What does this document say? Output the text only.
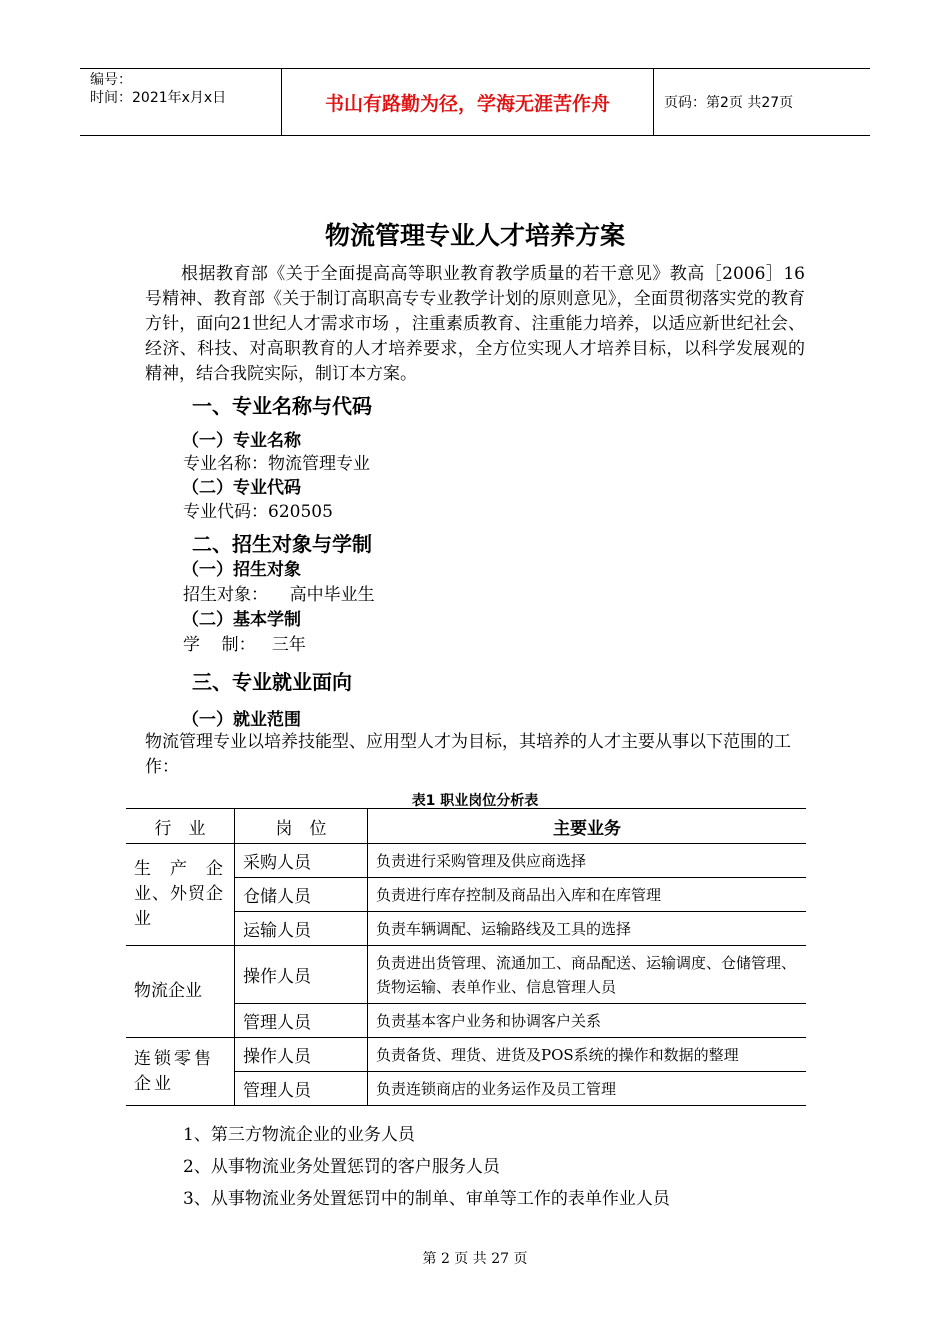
编号：
时间：2021年x月x日	书山有路勤为径，学海无涯苦作舟	页码：第2页 共27页
物流管理专业人才培养方案

根据教育部《关于全面提高高等职业教育教学质量的若干意见》教高［2006］16号精神、教育部《关于制订高职高专专业教学计划的原则意见》，全面贯彻落实党的教育方针，面向21世纪人才需求市场 ，注重素质教育、注重能力培养，以适应新世纪社会、经济、科技、对高职教育的人才培养要求，全方位实现人才培养目标，以科学发展观的精神，结合我院实际，制订本方案。

一、专业名称与代码
（一）专业名称
专业名称：物流管理专业
（二）专业代码
专业代码：620505
二、招生对象与学制
（一）招生对象
招生对象：    高中毕业生
（二）基本学制
学    制：   三年
三、专业就业面向
（一）就业范围
物流管理专业以培养技能型、应用型人才为目标，其培养的人才主要从事以下范围的工作：
表1 职业岗位分析表
行　业	岗　位	主要业务
生　产　企业、外贸企业	采购人员	负责进行采购管理及供应商选择
	仓储人员	负责进行库存控制及商品出入库和在库管理
	运输人员	负责车辆调配、运输路线及工具的选择
物流企业	操作人员	负责进出货管理、流通加工、商品配送、运输调度、仓储管理、货物运输、表单作业、信息管理人员
	管理人员	负责基本客户业务和协调客户关系
连锁零售企业	操作人员	负责备货、理货、进货及POS系统的操作和数据的整理
	管理人员	负责连锁商店的业务运作及员工管理
1、第三方物流企业的业务人员
2、从事物流业务处置惩罚的客户服务人员
3、从事物流业务处置惩罚中的制单、审单等工作的表单作业人员
第 2 页 共 27 页
